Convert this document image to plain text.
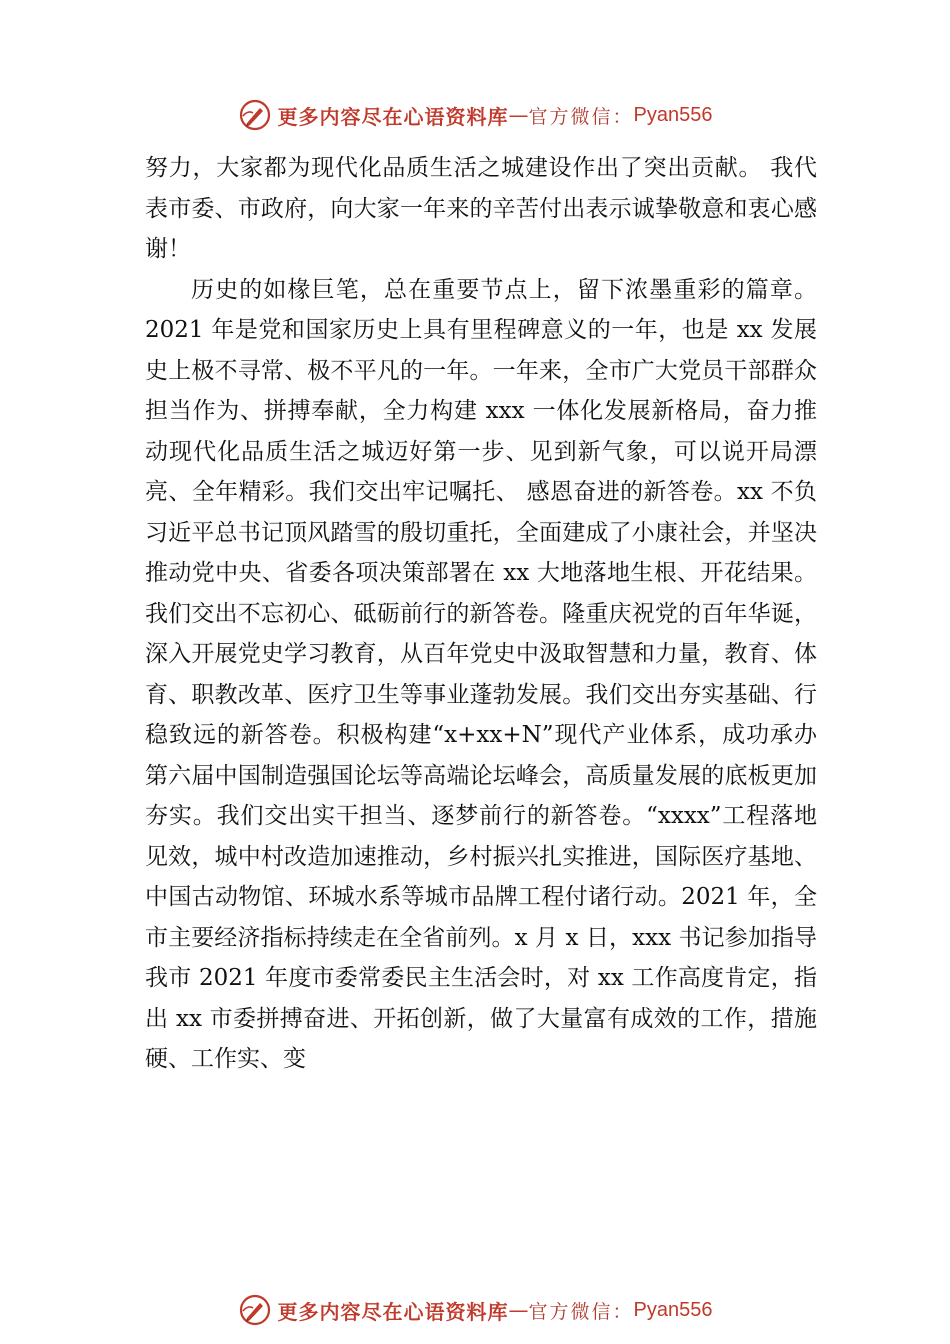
更多内容尽在心语资料库 — 官方微信： Pyan556

努力，大家都为现代化品质生活之城建设作出了突出贡献。 我代表市委、市政府，向大家一年来的辛苦付出表示诚挚敬意和衷心感谢！

历史的如椽巨笔，总在重要节点上，留下浓墨重彩的篇章。2021 年是党和国家历史上具有里程碑意义的一年，也是 xx 发展史上极不寻常、极不平凡的一年。一年来，全市广大党员干部群众担当作为、拼搏奉献，全力构建 xxx 一体化发展新格局，奋力推动现代化品质生活之城迈好第一步、见到新气象，可以说开局漂亮、全年精彩。我们交出牢记嘱托、 感恩奋进的新答卷。xx 不负习近平总书记顶风踏雪的殷切重托，全面建成了小康社会，并坚决推动党中央、省委各项决策部署在 xx 大地落地生根、开花结果。我们交出不忘初心、砥砺前行的新答卷。隆重庆祝党的百年华诞，深入开展党史学习教育，从百年党史中汲取智慧和力量，教育、体育、职教改革、医疗卫生等事业蓬勃发展。我们交出夯实基础、行稳致远的新答卷。积极构建“x+xx+N”现代产业体系，成功承办第六届中国制造强国论坛等高端论坛峰会，高质量发展的底板更加夯实。我们交出实干担当、逐梦前行的新答卷。“xxxx”工程落地见效，城中村改造加速推动，乡村振兴扎实推进，国际医疗基地、中国古动物馆、环城水系等城市品牌工程付诸行动。2021 年，全市主要经济指标持续走在全省前列。x 月 x 日，xxx 书记参加指导我市 2021 年度市委常委民主生活会时，对 xx 工作高度肯定，指出 xx 市委拼搏奋进、开拓创新，做了大量富有成效的工作，措施硬、工作实、变

更多内容尽在心语资料库 — 官方微信： Pyan556
